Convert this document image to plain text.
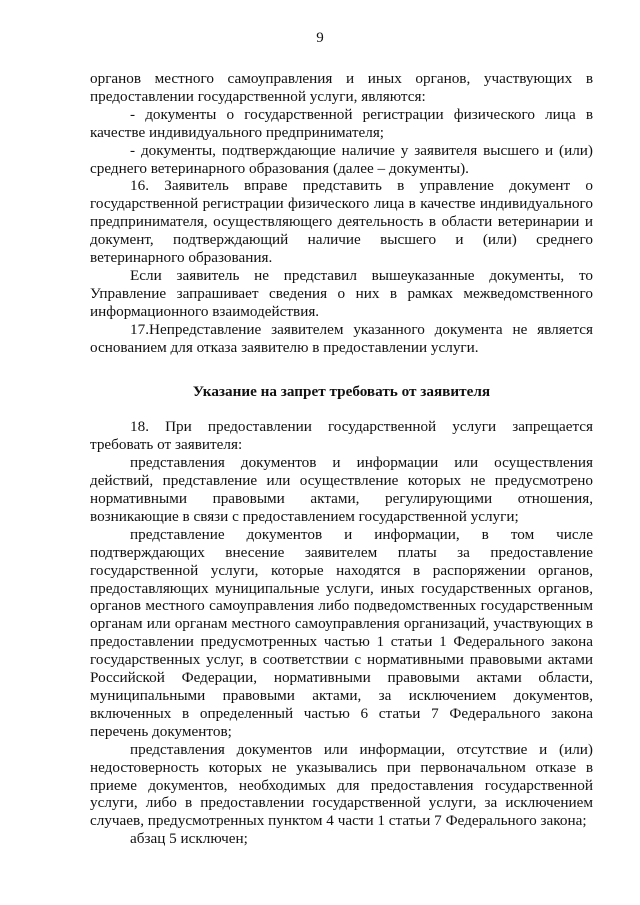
9

органов местного самоуправления и иных органов, участвующих в предоставлении государственной услуги, являются:

- документы о государственной регистрации физического лица в качестве индивидуального предпринимателя;

- документы, подтверждающие наличие у заявителя высшего и (или) среднего ветеринарного образования (далее – документы).

16. Заявитель вправе представить в управление документ о государственной регистрации физического лица в качестве индивидуального предпринимателя, осуществляющего деятельность в области ветеринарии и документ, подтверждающий наличие высшего и (или) среднего ветеринарного образования.

Если заявитель не представил вышеуказанные документы, то Управление запрашивает сведения о них в рамках межведомственного информационного взаимодействия.

17.Непредставление заявителем указанного документа не является основанием для отказа заявителю в предоставлении услуги.

Указание на запрет требовать от заявителя

18. При предоставлении государственной услуги запрещается требовать от заявителя:

представления документов и информации или осуществления действий, представление или осуществление которых не предусмотрено нормативными правовыми актами, регулирующими отношения, возникающие в связи с предоставлением государственной услуги;

представление документов и информации, в том числе подтверждающих внесение заявителем платы за предоставление государственной услуги, которые находятся в распоряжении органов, предоставляющих муниципальные услуги, иных государственных органов, органов местного самоуправления либо подведомственных государственным органам или органам местного самоуправления организаций, участвующих в предоставлении предусмотренных частью 1 статьи 1 Федерального закона государственных услуг, в соответствии с нормативными правовыми актами Российской Федерации, нормативными правовыми актами области, муниципальными правовыми актами, за исключением документов, включенных в определенный частью 6 статьи 7 Федерального закона перечень документов;

представления документов или информации, отсутствие и (или) недостоверность которых не указывались при первоначальном отказе в приеме документов, необходимых для предоставления государственной услуги, либо в предоставлении государственной услуги, за исключением случаев, предусмотренных пунктом 4 части 1 статьи 7 Федерального закона;

абзац 5 исключен;
